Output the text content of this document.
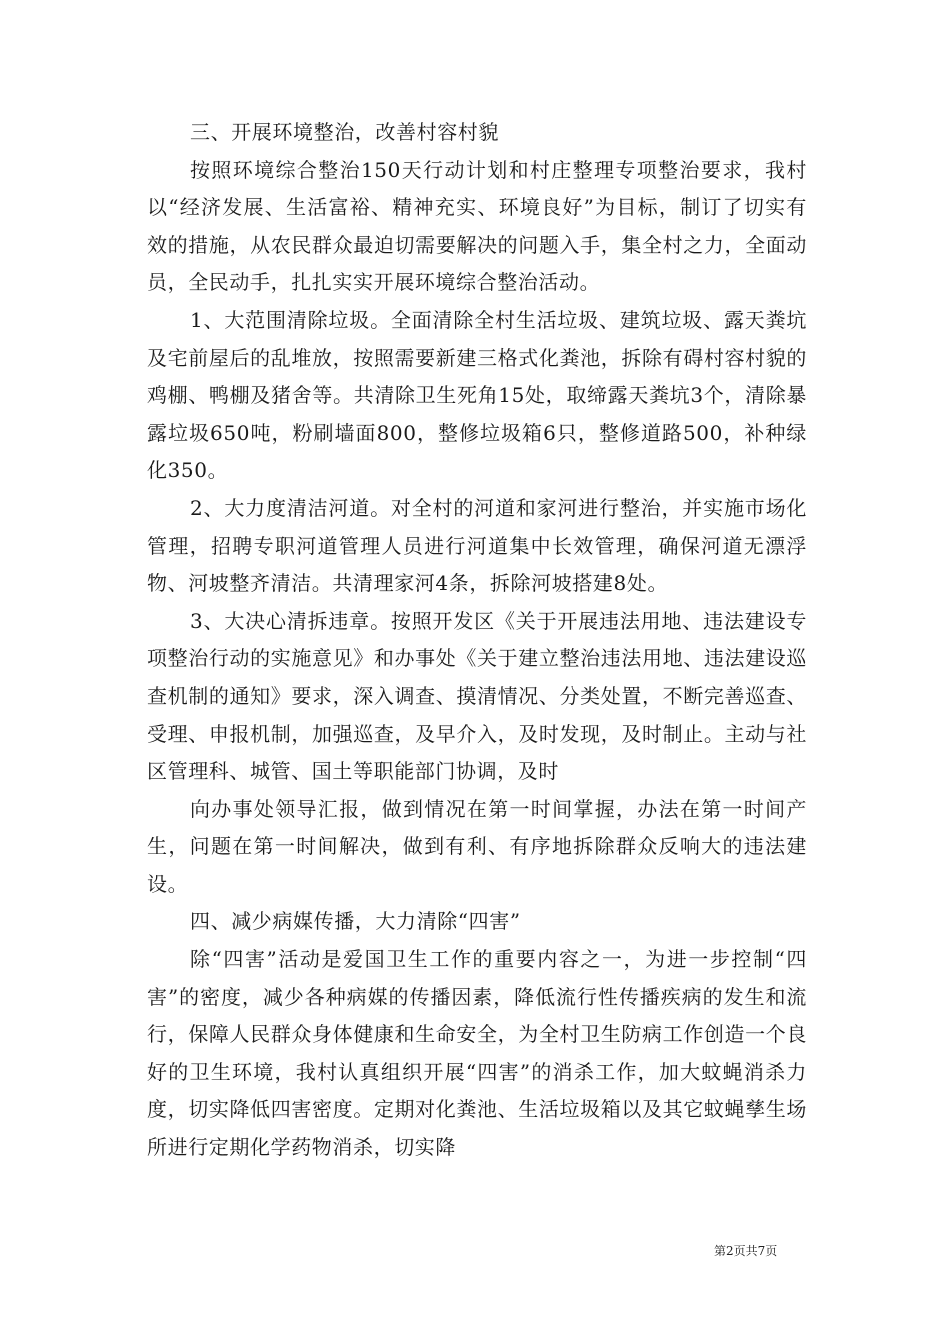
三、开展环境整治，改善村容村貌

按照环境综合整治150天行动计划和村庄整理专项整治要求，我村以“经济发展、生活富裕、精神充实、环境良好”为目标，制订了切实有效的措施，从农民群众最迫切需要解决的问题入手，集全村之力，全面动员，全民动手，扎扎实实开展环境综合整治活动。

1、大范围清除垃圾。全面清除全村生活垃圾、建筑垃圾、露天粪坑及宅前屋后的乱堆放，按照需要新建三格式化粪池，拆除有碍村容村貌的鸡棚、鸭棚及猪舍等。共清除卫生死角15处，取缔露天粪坑3个，清除暴露垃圾650吨，粉刷墙面800，整修垃圾箱6只，整修道路500，补种绿化350。

2、大力度清洁河道。对全村的河道和家河进行整治，并实施市场化管理，招聘专职河道管理人员进行河道集中长效管理，确保河道无漂浮物、河坡整齐清洁。共清理家河4条，拆除河坡搭建8处。

3、大决心清拆违章。按照开发区《关于开展违法用地、违法建设专项整治行动的实施意见》和办事处《关于建立整治违法用地、违法建设巡查机制的通知》要求，深入调查、摸清情况、分类处置，不断完善巡查、受理、申报机制，加强巡查，及早介入，及时发现，及时制止。主动与社区管理科、城管、国土等职能部门协调，及时

向办事处领导汇报，做到情况在第一时间掌握，办法在第一时间产生，问题在第一时间解决，做到有利、有序地拆除群众反响大的违法建设。

四、减少病媒传播，大力清除“四害”

除“四害”活动是爱国卫生工作的重要内容之一，为进一步控制“四害”的密度，减少各种病媒的传播因素，降低流行性传播疾病的发生和流行，保障人民群众身体健康和生命安全，为全村卫生防病工作创造一个良好的卫生环境，我村认真组织开展“四害”的消杀工作，加大蚊蝇消杀力度，切实降低四害密度。定期对化粪池、生活垃圾箱以及其它蚊蝇孳生场所进行定期化学药物消杀，切实降

第2页共7页
